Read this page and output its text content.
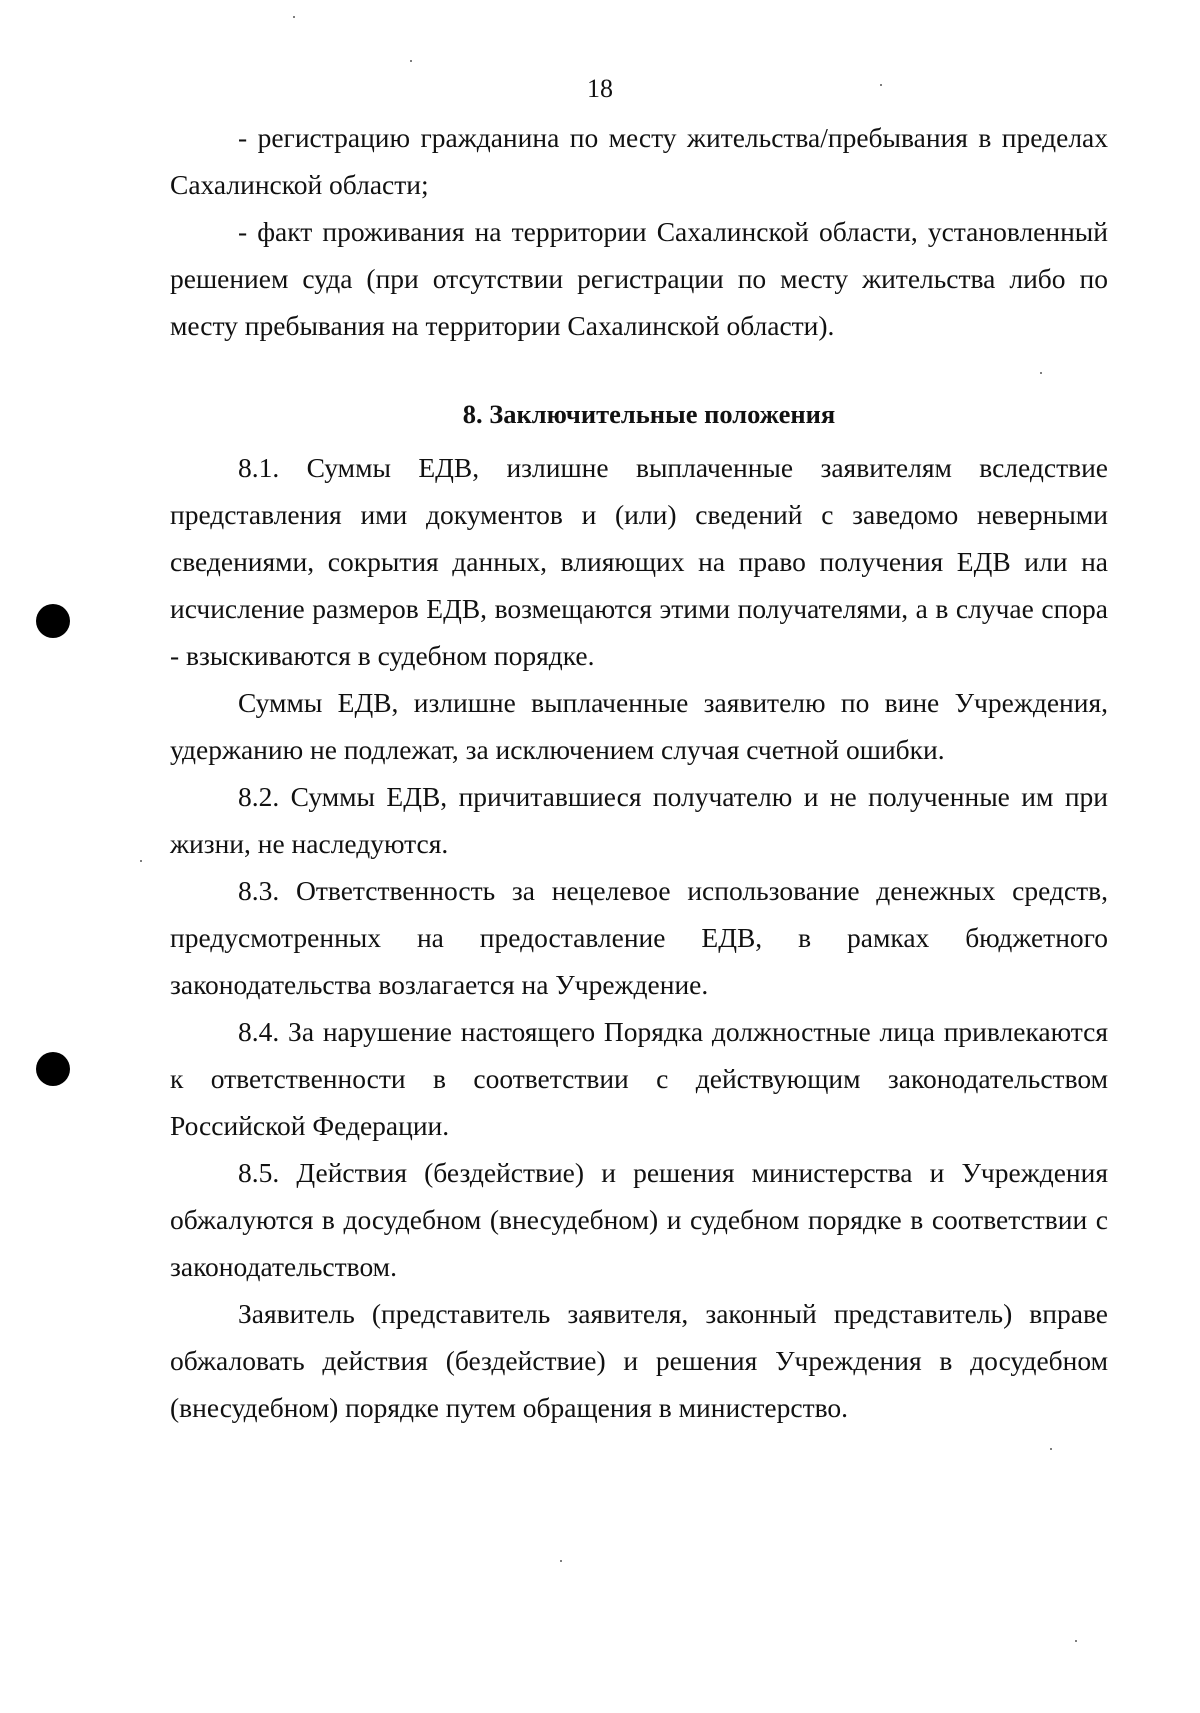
18

- регистрацию гражданина по месту жительства/пребывания в пределах Сахалинской области;

- факт проживания на территории Сахалинской области, установленный решением суда (при отсутствии регистрации по месту жительства либо по месту пребывания на территории Сахалинской области).

8. Заключительные положения

8.1. Суммы ЕДВ, излишне выплаченные заявителям вследствие представления ими документов и (или) сведений с заведомо неверными сведениями, сокрытия данных, влияющих на право получения ЕДВ или на исчисление размеров ЕДВ, возмещаются этими получателями, а в случае спора - взыскиваются в судебном порядке.

Суммы ЕДВ, излишне выплаченные заявителю по вине Учреждения, удержанию не подлежат, за исключением случая счетной ошибки.

8.2. Суммы ЕДВ, причитавшиеся получателю и не полученные им при жизни, не наследуются.

8.3. Ответственность за нецелевое использование денежных средств, предусмотренных на предоставление ЕДВ, в рамках бюджетного законодательства возлагается на Учреждение.

8.4. За нарушение настоящего Порядка должностные лица привлекаются к ответственности в соответствии с действующим законодательством Российской Федерации.

8.5. Действия (бездействие) и решения министерства и Учреждения обжалуются в досудебном (внесудебном) и судебном порядке в соответствии с законодательством.

Заявитель (представитель заявителя, законный представитель) вправе обжаловать действия (бездействие) и решения Учреждения в досудебном (внесудебном) порядке путем обращения в министерство.
